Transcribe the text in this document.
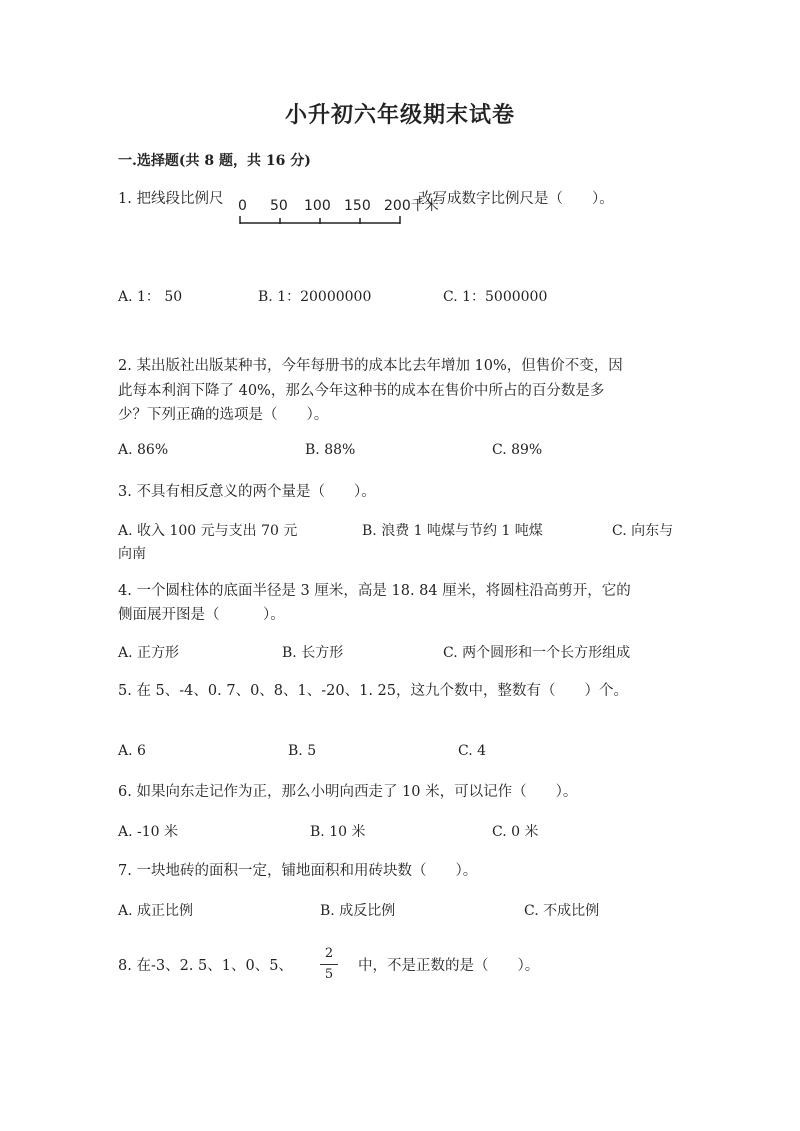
小升初六年级期末试卷
一.选择题(共 8 题，共 16 分)
1. 把线段比例尺 0 50 100 150 200千米
改写成数字比例尺是（　　）。
A. 1： 50	B. 1：20000000	C. 1：5000000
2. 某出版社出版某种书，今年每册书的成本比去年增加 10%，但售价不变，因
此每本利润下降了 40%，那么今年这种书的成本在售价中所占的百分数是多
少？下列正确的选项是（　　）。
A. 86%	B. 88%	C. 89%
3. 不具有相反意义的两个量是（　　）。
A. 收入 100 元与支出 70 元	B. 浪费 1 吨煤与节约 1 吨煤	C. 向东与
向南
4. 一个圆柱体的底面半径是 3 厘米，高是 18. 84 厘米，将圆柱沿高剪开，它的
侧面展开图是（　　　）。
A. 正方形	B. 长方形	C. 两个圆形和一个长方形组成
5. 在 5、-4、0. 7、0、8、1、-20、1. 25，这九个数中，整数有（　　）个。
A. 6	B. 5	C. 4
6. 如果向东走记作为正，那么小明向西走了 10 米，可以记作（　　）。
A. -10 米	B. 10 米	C. 0 米
7. 一块地砖的面积一定，铺地面积和用砖块数（　　）。
A. 成正比例	B. 成反比例	C. 不成比例
8. 在-3、2. 5、1、0、5、
2
5
中，不是正数的是（　　）。
